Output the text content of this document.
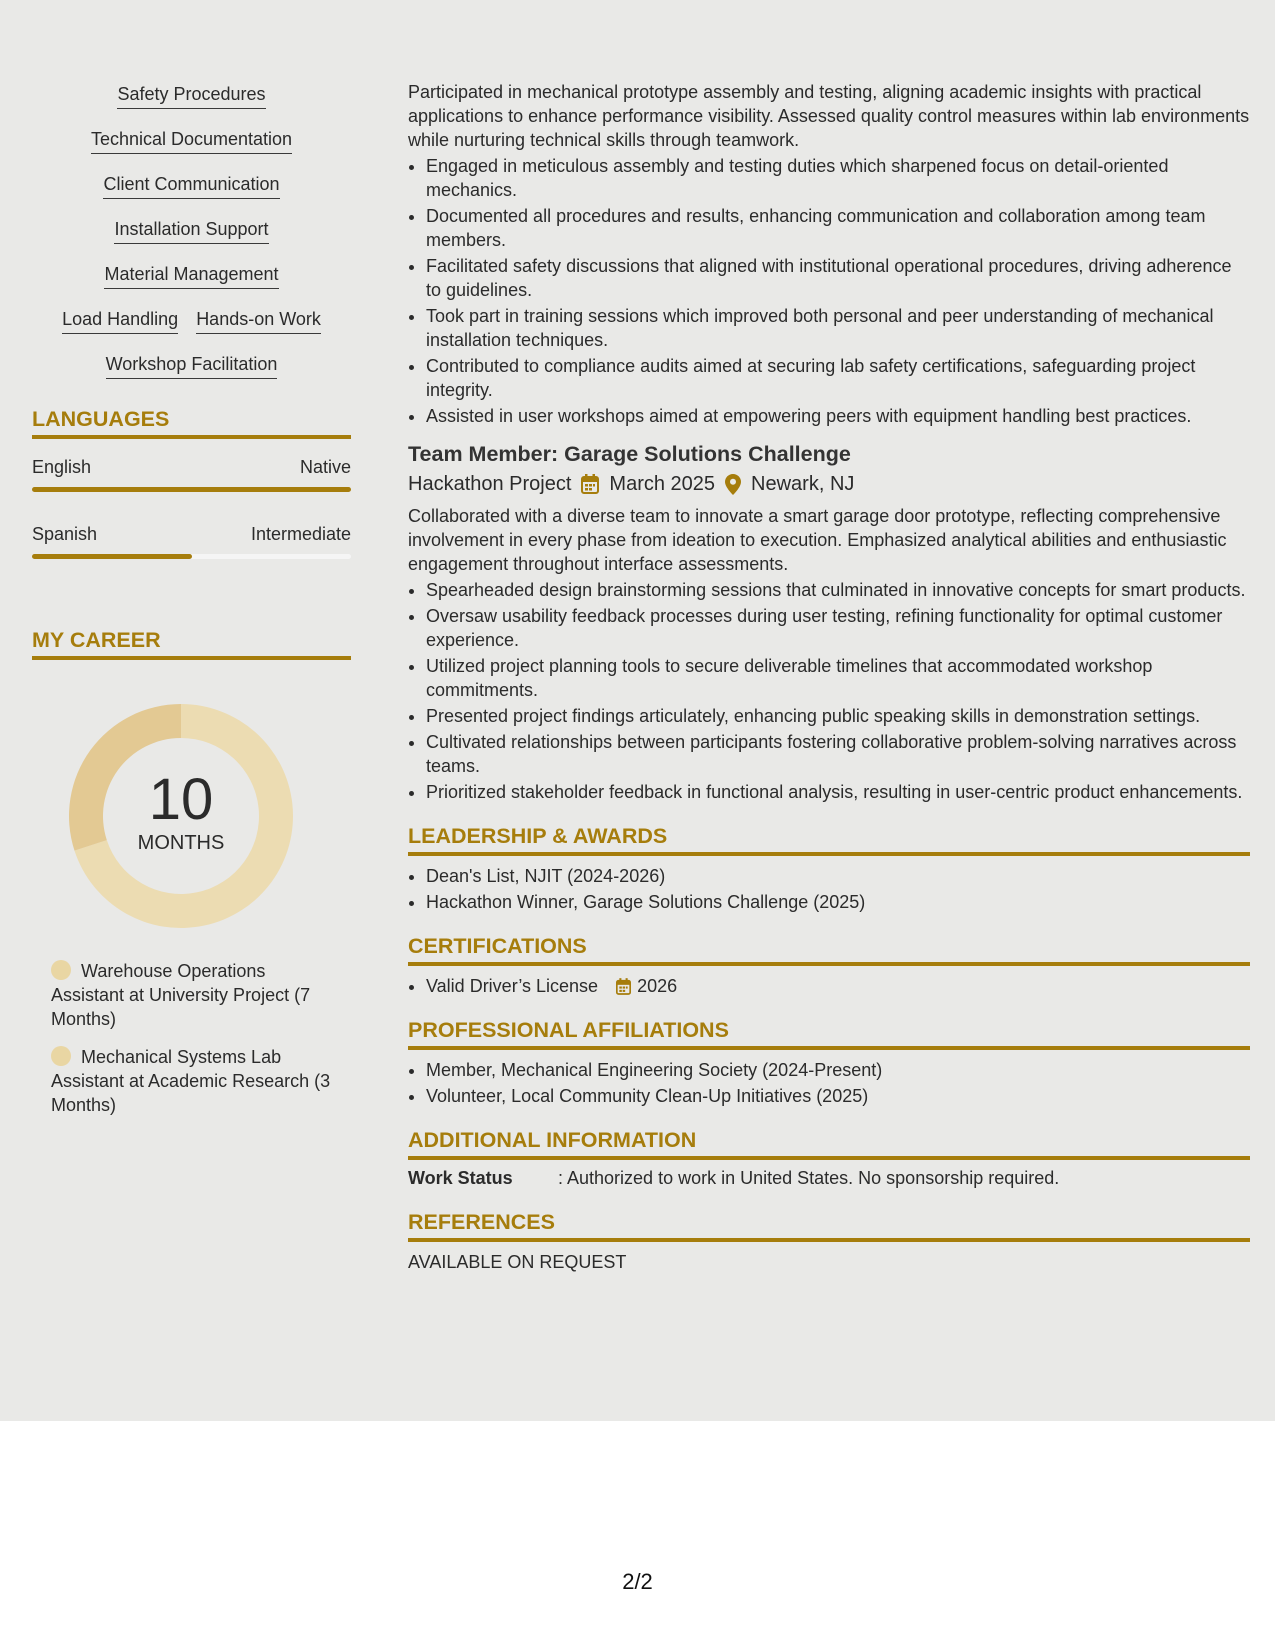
Safety Procedures
Technical Documentation
Client Communication
Installation Support
Material Management
Load Handling Hands-on Work
Workshop Facilitation
LANGUAGES
English	Native
Spanish	Intermediate
MY CAREER
10
MONTHS
Warehouse Operations Assistant at University Project (7 Months)
Mechanical Systems Lab Assistant at Academic Research (3 Months)
Participated in mechanical prototype assembly and testing, aligning academic insights with practical applications to enhance performance visibility. Assessed quality control measures within lab environments while nurturing technical skills through teamwork.
• Engaged in meticulous assembly and testing duties which sharpened focus on detail-oriented mechanics.
• Documented all procedures and results, enhancing communication and collaboration among team members.
• Facilitated safety discussions that aligned with institutional operational procedures, driving adherence to guidelines.
• Took part in training sessions which improved both personal and peer understanding of mechanical installation techniques.
• Contributed to compliance audits aimed at securing lab safety certifications, safeguarding project integrity.
• Assisted in user workshops aimed at empowering peers with equipment handling best practices.
Team Member: Garage Solutions Challenge
Hackathon Project March 2025 Newark, NJ
Collaborated with a diverse team to innovate a smart garage door prototype, reflecting comprehensive involvement in every phase from ideation to execution. Emphasized analytical abilities and enthusiastic engagement throughout interface assessments.
• Spearheaded design brainstorming sessions that culminated in innovative concepts for smart products.
• Oversaw usability feedback processes during user testing, refining functionality for optimal customer experience.
• Utilized project planning tools to secure deliverable timelines that accommodated workshop commitments.
• Presented project findings articulately, enhancing public speaking skills in demonstration settings.
• Cultivated relationships between participants fostering collaborative problem-solving narratives across teams.
• Prioritized stakeholder feedback in functional analysis, resulting in user-centric product enhancements.
LEADERSHIP & AWARDS
• Dean's List, NJIT (2024-2026)
• Hackathon Winner, Garage Solutions Challenge (2025)
CERTIFICATIONS
• Valid Driver’s License 2026
PROFESSIONAL AFFILIATIONS
• Member, Mechanical Engineering Society (2024-Present)
• Volunteer, Local Community Clean-Up Initiatives (2025)
ADDITIONAL INFORMATION
Work Status	: Authorized to work in United States. No sponsorship required.
REFERENCES
AVAILABLE ON REQUEST
2/2
